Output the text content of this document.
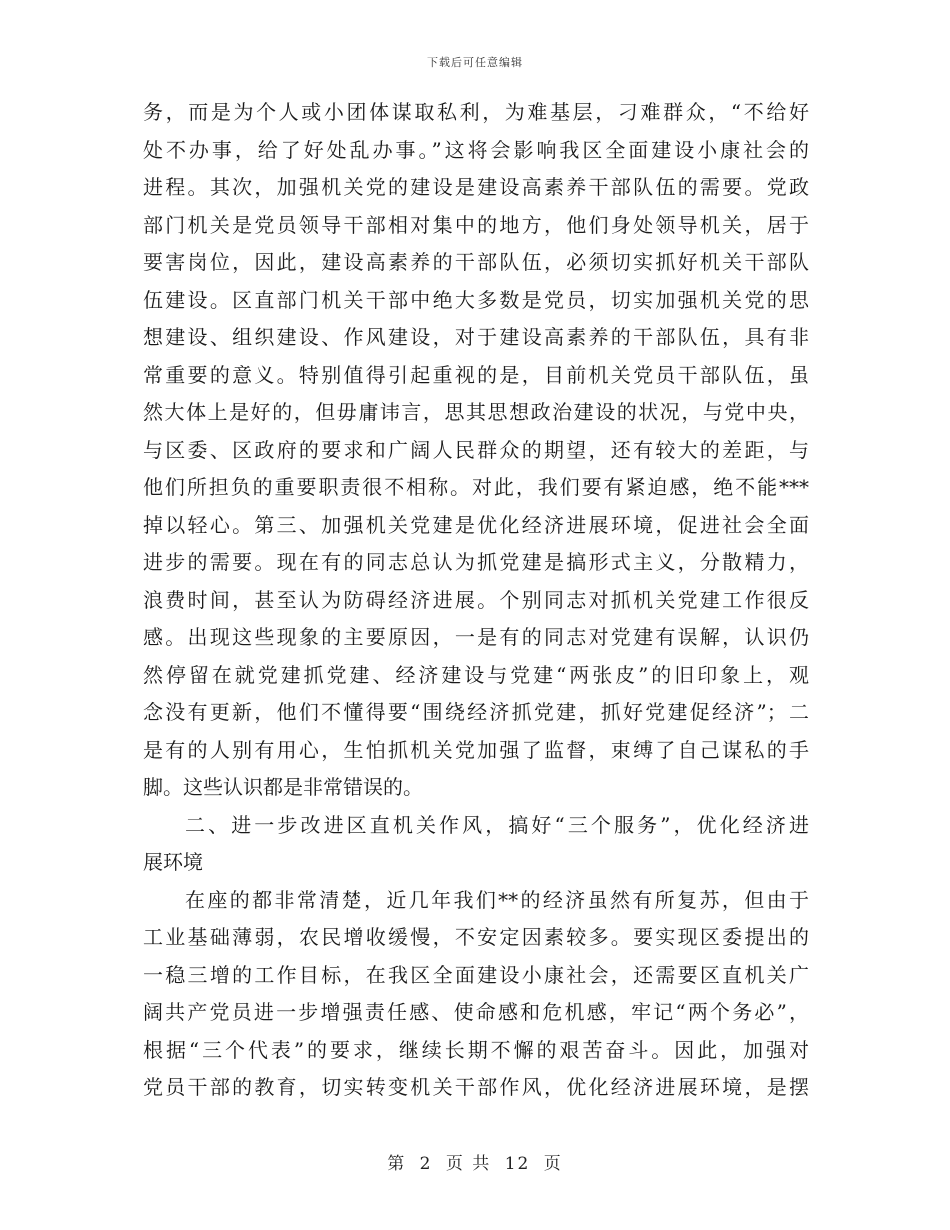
下载后可任意编辑
务，而是为个人或小团体谋取私利，为难基层，刁难群众，“不给好
处不办事，给了好处乱办事。”这将会影响我区全面建设小康社会的
进程。其次，加强机关党的建设是建设高素养干部队伍的需要。党政
部门机关是党员领导干部相对集中的地方，他们身处领导机关，居于
要害岗位，因此，建设高素养的干部队伍，必须切实抓好机关干部队
伍建设。区直部门机关干部中绝大多数是党员，切实加强机关党的思
想建设、组织建设、作风建设，对于建设高素养的干部队伍，具有非
常重要的意义。特别值得引起重视的是，目前机关党员干部队伍，虽
然大体上是好的，但毋庸讳言，思其思想政治建设的状况，与党中央，
与区委、区政府的要求和广阔人民群众的期望，还有较大的差距，与
他们所担负的重要职责很不相称。对此，我们要有紧迫感，绝不能***
掉以轻心。第三、加强机关党建是优化经济进展环境，促进社会全面
进步的需要。现在有的同志总认为抓党建是搞形式主义，分散精力，
浪费时间，甚至认为防碍经济进展。个别同志对抓机关党建工作很反
感。出现这些现象的主要原因，一是有的同志对党建有误解，认识仍
然停留在就党建抓党建、经济建设与党建“两张皮”的旧印象上，观
念没有更新，他们不懂得要“围绕经济抓党建，抓好党建促经济”；二
是有的人别有用心，生怕抓机关党加强了监督，束缚了自己谋私的手
脚。这些认识都是非常错误的。
二、进一步改进区直机关作风，搞好“三个服务”，优化经济进
展环境
在座的都非常清楚，近几年我们**的经济虽然有所复苏，但由于
工业基础薄弱，农民增收缓慢，不安定因素较多。要实现区委提出的
一稳三增的工作目标，在我区全面建设小康社会，还需要区直机关广
阔共产党员进一步增强责任感、使命感和危机感，牢记“两个务必”，
根据“三个代表”的要求，继续长期不懈的艰苦奋斗。因此，加强对
党员干部的教育，切实转变机关干部作风，优化经济进展环境，是摆
第 2 页 共 12 页
